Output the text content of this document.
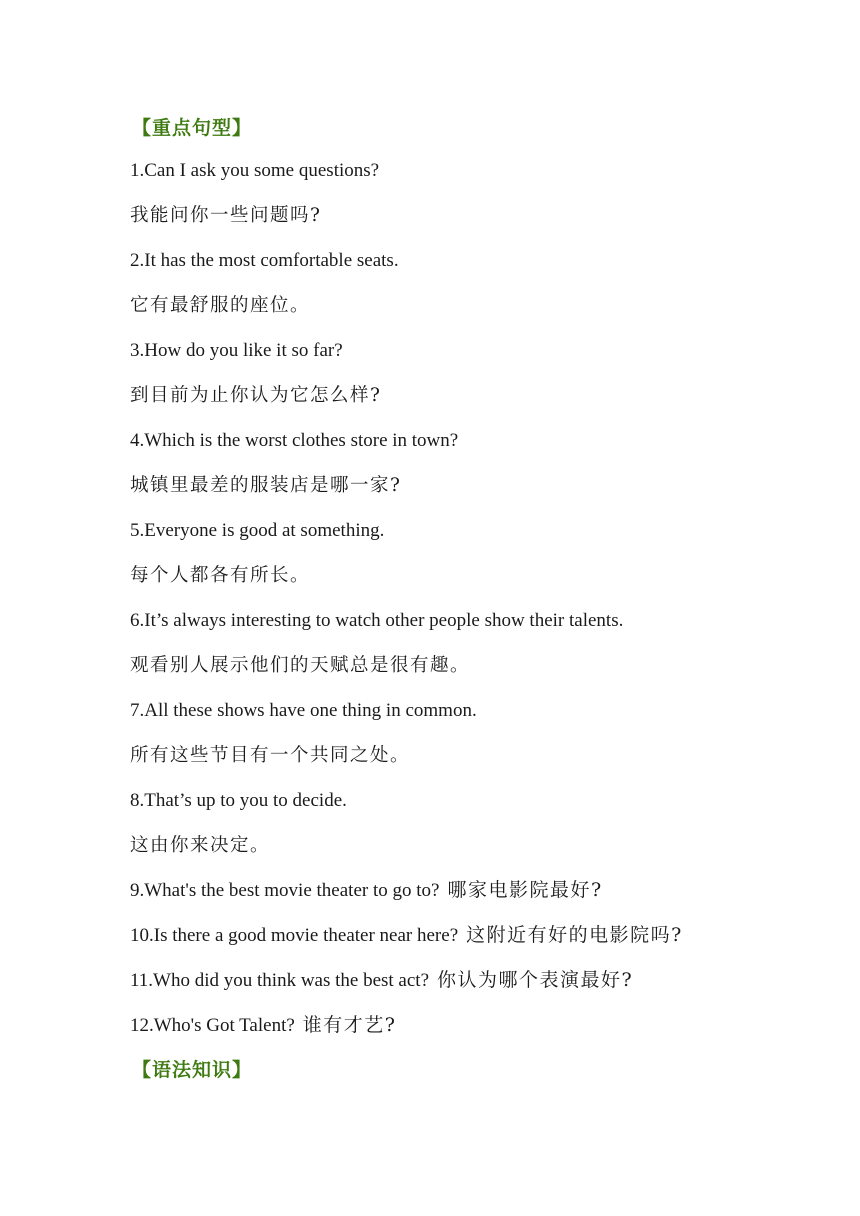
【重点句型】
1.Can I ask you some questions?
我能问你一些问题吗?
2.It has the most comfortable seats.
它有最舒服的座位。
3.How do you like it so far?
到目前为止你认为它怎么样?
4.Which is the worst clothes store in town?
城镇里最差的服装店是哪一家?
5.Everyone is good at something.
每个人都各有所长。
6.It’s always interesting to watch other people show their talents.
观看别人展示他们的天赋总是很有趣。
7.All these shows have one thing in common.
所有这些节目有一个共同之处。
8.That’s up to you to decide.
这由你来决定。
9.What's the best movie theater to go to? 哪家电影院最好?
10.Is there a good movie theater near here? 这附近有好的电影院吗?
11.Who did you think was the best act? 你认为哪个表演最好?
12.Who's Got Talent? 谁有才艺?
【语法知识】
